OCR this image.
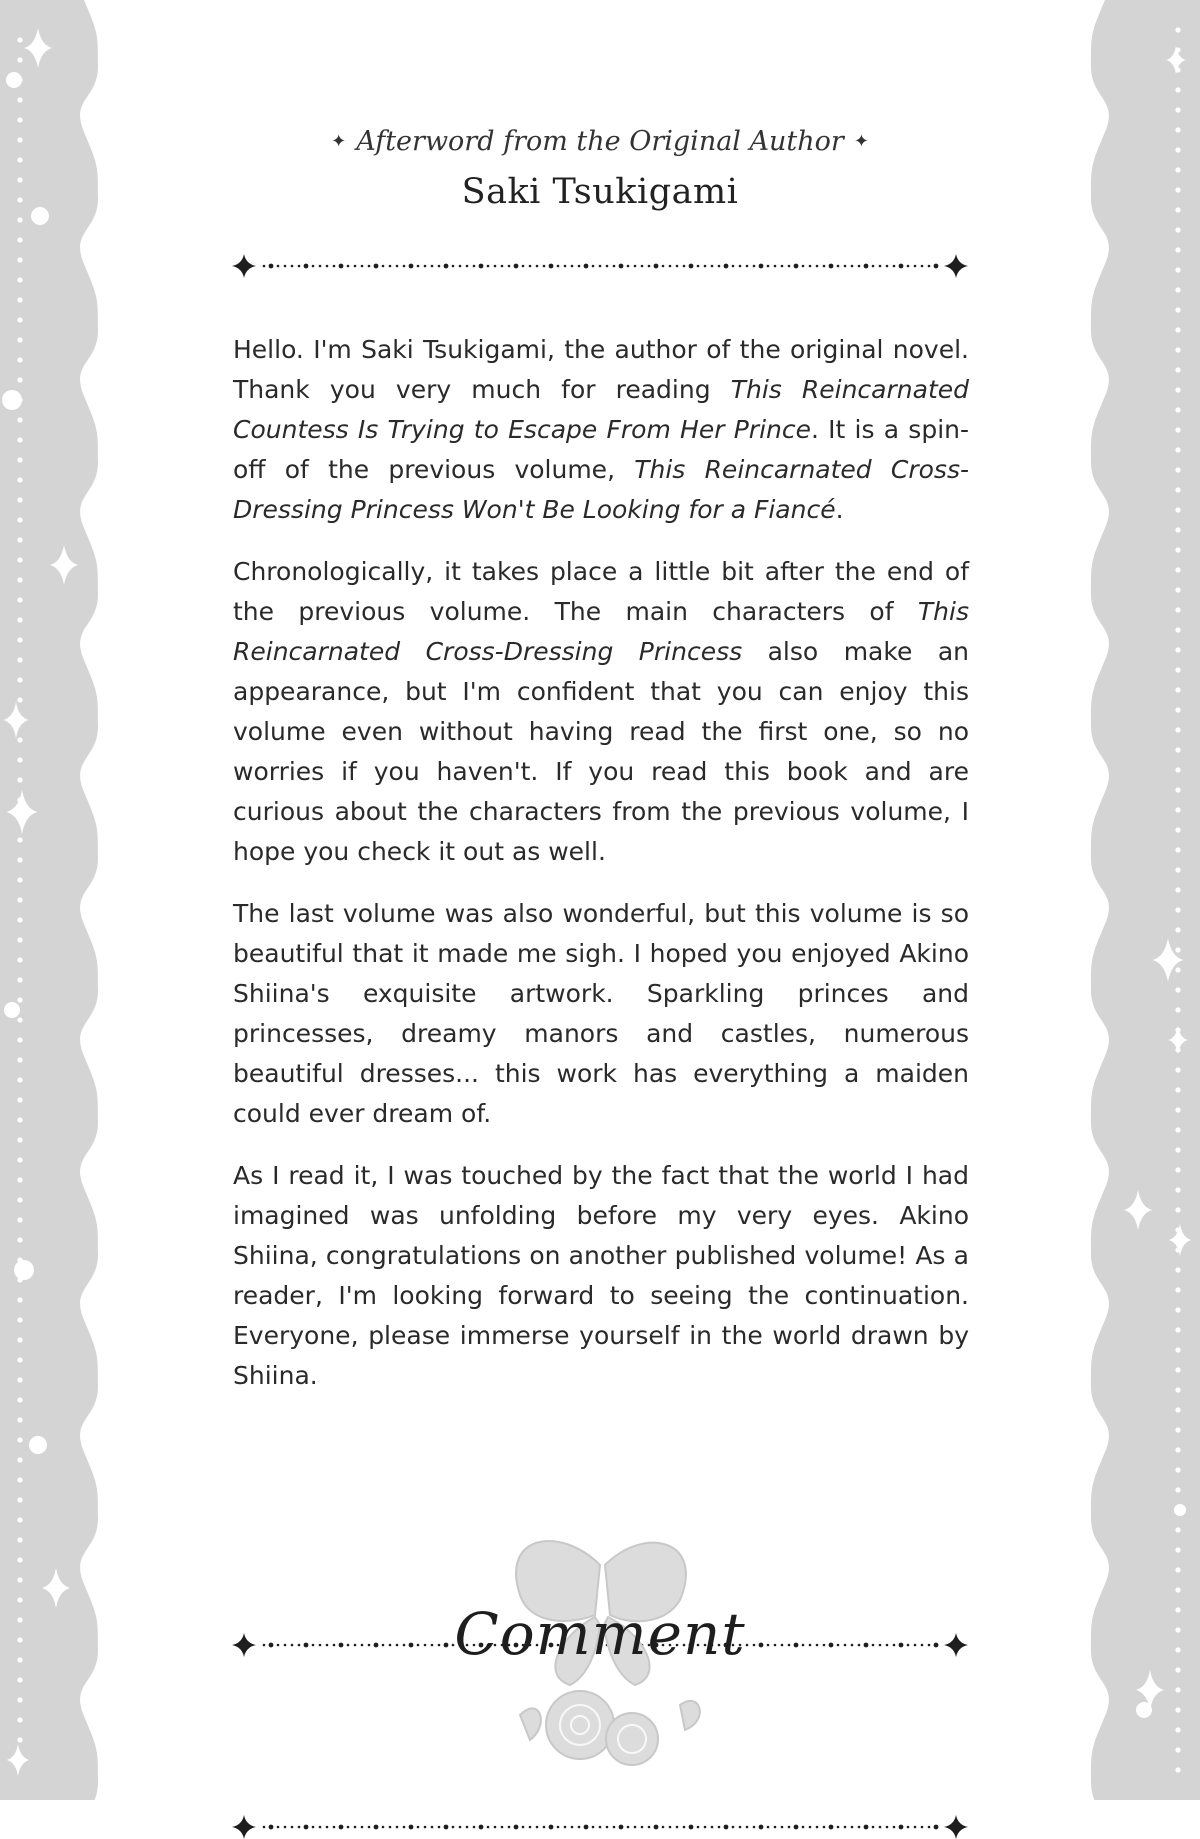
✦ Afterword from the Original Author ✦
Saki Tsukigami

Hello. I'm Saki Tsukigami, the author of the original novel. Thank you very much for reading This Reincarnated Countess Is Trying to Escape From Her Prince. It is a spin-off of the previous volume, This Reincarnated Cross-Dressing Princess Won't Be Looking for a Fiancé.

Chronologically, it takes place a little bit after the end of the previous volume. The main characters of This Reincarnated Cross-Dressing Princess also make an appearance, but I'm confident that you can enjoy this volume even without having read the first one, so no worries if you haven't. If you read this book and are curious about the characters from the previous volume, I hope you check it out as well.

The last volume was also wonderful, but this volume is so beautiful that it made me sigh. I hoped you enjoyed Akino Shiina's exquisite artwork. Sparkling princes and princesses, dreamy manors and castles, numerous beautiful dresses... this work has everything a maiden could ever dream of.

As I read it, I was touched by the fact that the world I had imagined was unfolding before my very eyes. Akino Shiina, congratulations on another published volume! As a reader, I'm looking forward to seeing the continuation. Everyone, please immerse yourself in the world drawn by Shiina.

Comment
